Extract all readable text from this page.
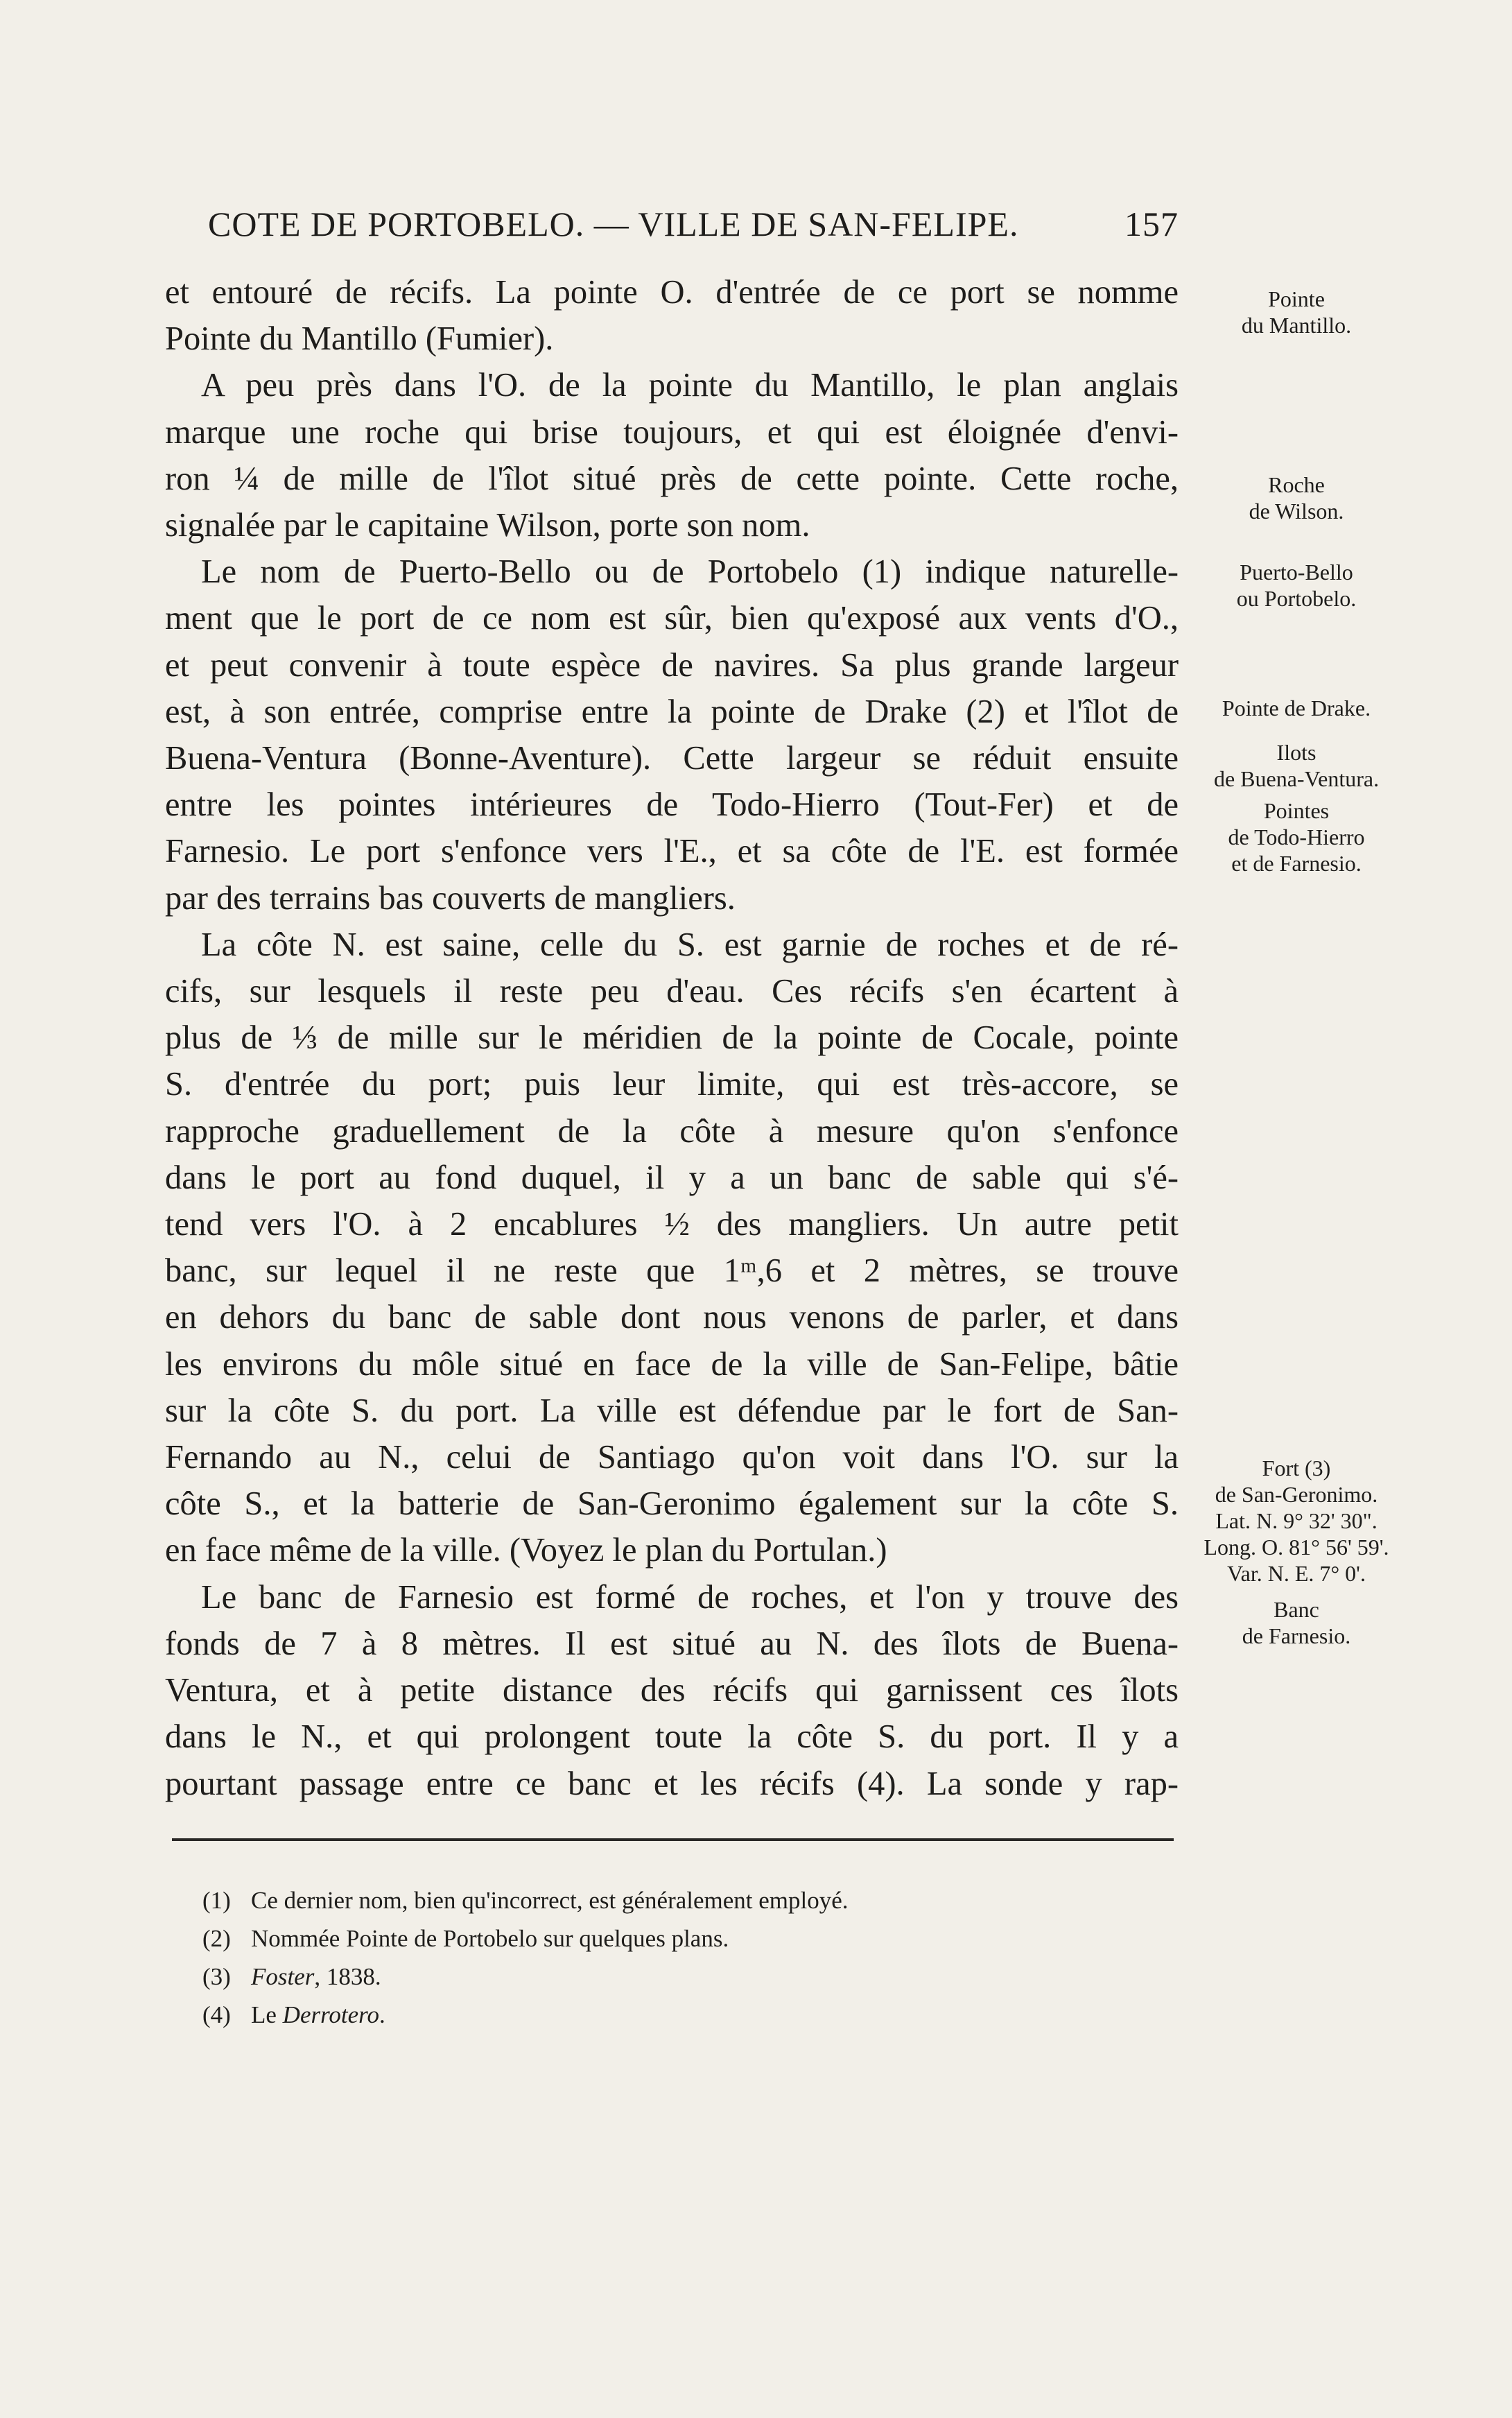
COTE DE PORTOBELO. — VILLE DE SAN-FELIPE.	157
et entouré de récifs. La pointe O. d'entrée de ce port se nomme
Pointe du Mantillo (Fumier).
A peu près dans l'O. de la pointe du Mantillo, le plan anglais
marque une roche qui brise toujours, et qui est éloignée d'envi-
ron ¼ de mille de l'îlot situé près de cette pointe. Cette roche,
signalée par le capitaine Wilson, porte son nom.
Le nom de Puerto-Bello ou de Portobelo (1) indique naturelle-
ment que le port de ce nom est sûr, bien qu'exposé aux vents d'O.,
et peut convenir à toute espèce de navires. Sa plus grande largeur
est, à son entrée, comprise entre la pointe de Drake (2) et l'îlot de
Buena-Ventura (Bonne-Aventure). Cette largeur se réduit ensuite
entre les pointes intérieures de Todo-Hierro (Tout-Fer) et de
Farnesio. Le port s'enfonce vers l'E., et sa côte de l'E. est formée
par des terrains bas couverts de mangliers.
La côte N. est saine, celle du S. est garnie de roches et de ré-
cifs, sur lesquels il reste peu d'eau. Ces récifs s'en écartent à
plus de ⅓ de mille sur le méridien de la pointe de Cocale, pointe
S. d'entrée du port; puis leur limite, qui est très-accore, se
rapproche graduellement de la côte à mesure qu'on s'enfonce
dans le port au fond duquel, il y a un banc de sable qui s'é-
tend vers l'O. à 2 encablures ½ des mangliers. Un autre petit
banc, sur lequel il ne reste que 1ᵐ,6 et 2 mètres, se trouve
en dehors du banc de sable dont nous venons de parler, et dans
les environs du môle situé en face de la ville de San-Felipe, bâtie
sur la côte S. du port. La ville est défendue par le fort de San-
Fernando au N., celui de Santiago qu'on voit dans l'O. sur la
côte S., et la batterie de San-Geronimo également sur la côte S.
en face même de la ville. (Voyez le plan du Portulan.)
Le banc de Farnesio est formé de roches, et l'on y trouve des
fonds de 7 à 8 mètres. Il est situé au N. des îlots de Buena-
Ventura, et à petite distance des récifs qui garnissent ces îlots
dans le N., et qui prolongent toute la côte S. du port. Il y a
pourtant passage entre ce banc et les récifs (4). La sonde y rap-
Pointe
du Mantillo.
Roche
de Wilson.
Puerto-Bello
ou Portobelo.
Pointe de Drake.
Ilots
de Buena-Ventura.
Pointes
de Todo-Hierro
et de Farnesio.
Fort (3)
de San-Geronimo.
Lat. N. 9° 32' 30".
Long. O. 81° 56' 59'.
Var. N. E. 7° 0'.
Banc
de Farnesio.
(1) Ce dernier nom, bien qu'incorrect, est généralement employé.
(2) Nommée Pointe de Portobelo sur quelques plans.
(3) Foster, 1838.
(4) Le Derrotero.
